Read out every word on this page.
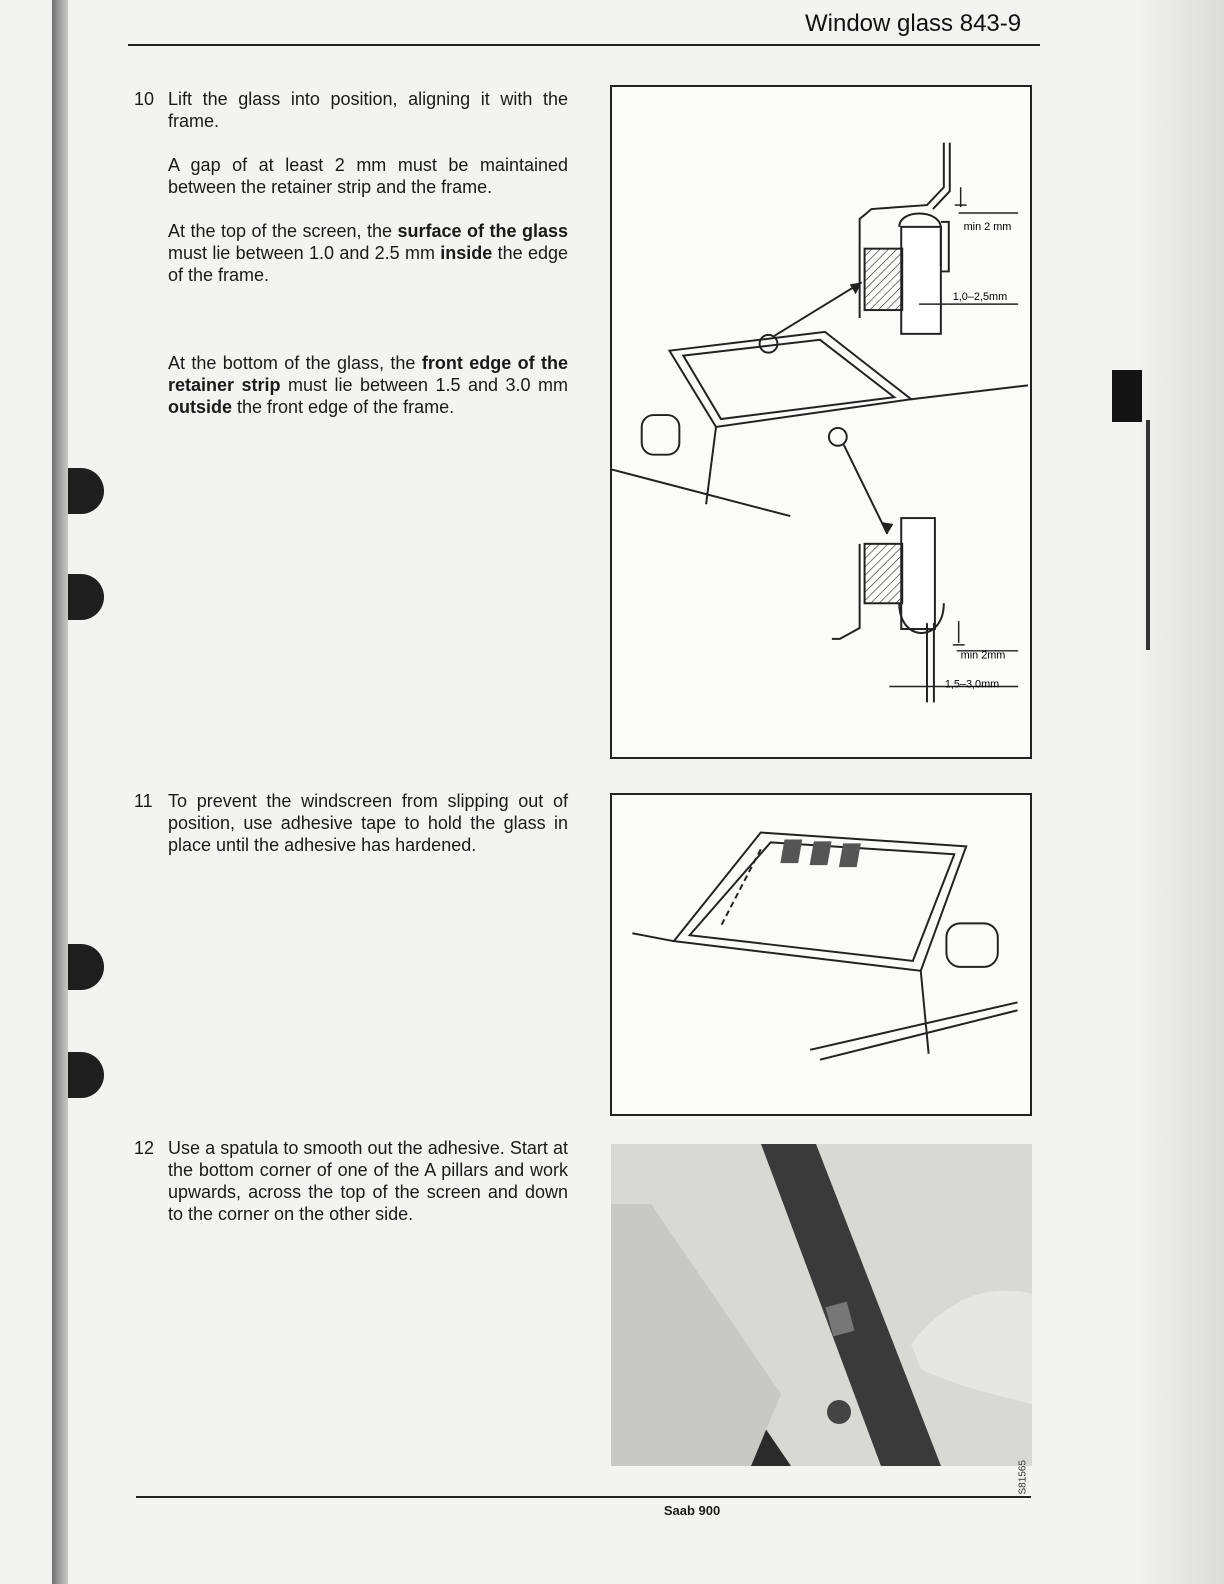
Window glass 843-9
10 Lift the glass into position, aligning it with the frame.

A gap of at least 2 mm must be maintained between the retainer strip and the frame.

At the top of the screen, the surface of the glass must lie between 1.0 and 2.5 mm inside the edge of the frame.

At the bottom of the glass, the front edge of the retainer strip must lie between 1.5 and 3.0 mm outside the front edge of the frame.

11 To prevent the windscreen from slipping out of position, use adhesive tape to hold the glass in place until the adhesive has hardened.

12 Use a spatula to smooth out the adhesive. Start at the bottom corner of one of the A pillars and work upwards, across the top of the screen and down to the corner on the other side.

min 2 mm
1,0–2,5mm
min 2mm
1,5–3,0mm
S81565
Saab 900
